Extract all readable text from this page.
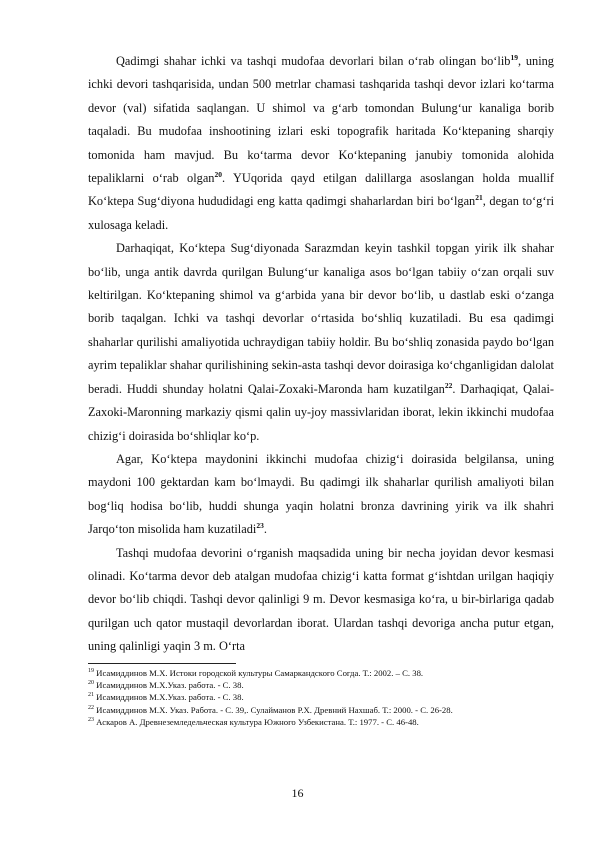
Qadimgi shahar ichki va tashqi mudofaa devorlari bilan o‘rab olingan bo‘lib$^{19}$, uning ichki devori tashqarisida, undan 500 metrlar chamasi tashqarida tashqi devor izlari ko‘tarma devor (val) sifatida saqlangan. U shimol va g‘arb tomondan Bulung‘ur kanaliga borib taqaladi. Bu mudofaa inshootining izlari eski topografik haritada Ko‘ktepaning sharqiy tomonida ham mavjud. Bu ko‘tarma devor Ko‘ktepaning janubiy tomonida alohida tepaliklarni o‘rab olgan$^{20}$. YUqorida qayd etilgan dalillarga asoslangan holda muallif Ko‘ktepa Sug‘diyona hududidagi eng katta qadimgi shaharlardan biri bo‘lgan$^{21}$, degan to‘g‘ri xulosaga keladi.

Darhaqiqat, Ko‘ktepa Sug‘diyonada Sarazmdan keyin tashkil topgan yirik ilk shahar bo‘lib, unga antik davrda qurilgan Bulung‘ur kanaliga asos bo‘lgan tabiiy o‘zan orqali suv keltirilgan. Ko‘ktepaning shimol va g‘arbida yana bir devor bo‘lib, u dastlab eski o‘zanga borib taqalgan. Ichki va tashqi devorlar o‘rtasida bo‘shliq kuzatiladi. Bu esa qadimgi shaharlar qurilishi amaliyotida uchraydigan tabiiy holdir. Bu bo‘shliq zonasida paydo bo‘lgan ayrim tepaliklar shahar qurilishining sekin-asta tashqi devor doirasiga ko‘chganligidan dalolat beradi. Huddi shunday holatni Qalai-Zoxaki-Maronda ham kuzatilgan$^{22}$. Darhaqiqat, Qalai-Zaxoki-Maronning markaziy qismi qalin uy-joy massivlaridan iborat, lekin ikkinchi mudofaa chizig‘i doirasida bo‘shliqlar ko‘p.

Agar, Ko‘ktepa maydonini ikkinchi mudofaa chizig‘i doirasida belgilansa, uning maydoni 100 gektardan kam bo‘lmaydi. Bu qadimgi ilk shaharlar qurilish amaliyoti bilan bog‘liq hodisa bo‘lib, huddi shunga yaqin holatni bronza davrining yirik va ilk shahri Jarqo‘ton misolida ham kuzatiladi$^{23}$.

Tashqi mudofaa devorini o‘rganish maqsadida uning bir necha joyidan devor kesmasi olinadi. Ko‘tarma devor deb atalgan mudofaa chizig‘i katta format g‘ishtdan urilgan haqiqiy devor bo‘lib chiqdi. Tashqi devor qalinligi 9 m. Devor kesmasiga ko‘ra, u bir-birlariga qadab qurilgan uch qator mustaqil devorlardan iborat. Ulardan tashqi devoriga ancha putur etgan, uning qalinligi yaqin 3 m. O‘rta

$^{19}$ Исамиддинов М.Х. Истоки городской культуры Самаркандского Согда. Т.: 2002. – С. 38.

$^{20}$ Исамиддинов М.Х.Указ. работа. - С. 38.

$^{21}$ Исамиддинов М.Х.Указ. работа. - С. 38.

$^{22}$ Исамиддинов М.Х. Указ. Работа. - С. 39,. Сулайманов Р.Х. Древний Нахшаб. Т.: 2000. - С. 26-28.

$^{23}$ Аскаров А. Древнеземледельческая культура Южного Узбекистана. Т.: 1977. - С. 46-48.

16
